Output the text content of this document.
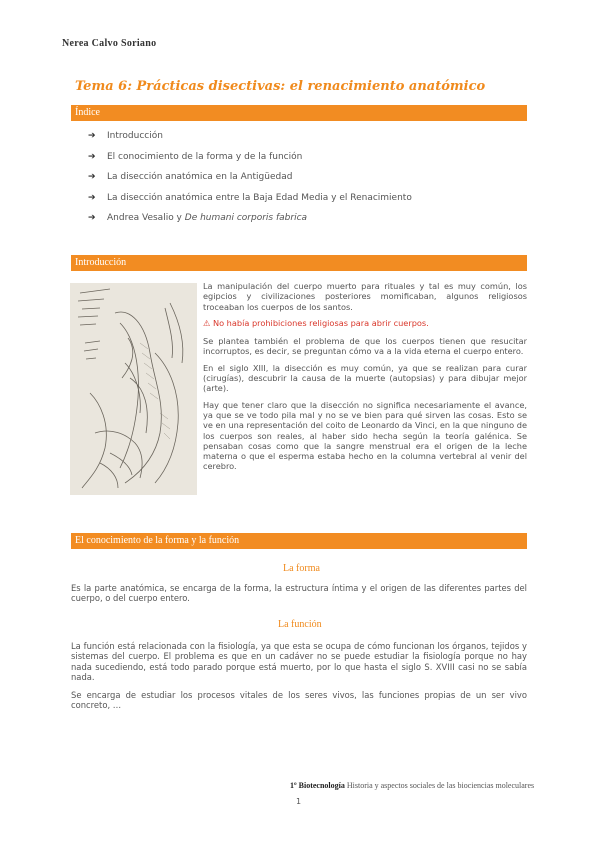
Nerea Calvo Soriano
Tema 6: Prácticas disectivas: el renacimiento anatómico
Índice
➔ Introducción
➔ El conocimiento de la forma y de la función
➔ La disección anatómica en la Antigüedad
➔ La disección anatómica entre la Baja Edad Media y el Renacimiento
➔ Andrea Vesalio y De humani corporis fabrica
Introducción

La manipulación del cuerpo muerto para rituales y tal es muy común, los egipcios y civilizaciones posteriores momificaban, algunos religiosos troceaban los cuerpos de los santos.

⚠ No había prohibiciones religiosas para abrir cuerpos.

Se plantea también el problema de que los cuerpos tienen que resucitar incorruptos, es decir, se preguntan cómo va a la vida eterna el cuerpo entero.

En el siglo XIII, la disección es muy común, ya que se realizan para curar (cirugías), descubrir la causa de la muerte (autopsias) y para dibujar mejor (arte).

Hay que tener claro que la disección no significa necesariamente el avance, ya que se ve todo pila mal y no se ve bien para qué sirven las cosas. Esto se ve en una representación del coito de Leonardo da Vinci, en la que ninguno de los cuerpos son reales, al haber sido hecha según la teoría galénica. Se pensaban cosas como que la sangre menstrual era el origen de la leche materna o que el esperma estaba hecho en la columna vertebral al venir del cerebro.

El conocimiento de la forma y la función
La forma
Es la parte anatómica, se encarga de la forma, la estructura íntima y el origen de las diferentes partes del cuerpo, o del cuerpo entero.
La función
La función está relacionada con la fisiología, ya que esta se ocupa de cómo funcionan los órganos, tejidos y sistemas del cuerpo. El problema es que en un cadáver no se puede estudiar la fisiología porque no hay nada sucediendo, está todo parado porque está muerto, por lo que hasta el siglo S. XVIII casi no se sabía nada.
Se encarga de estudiar los procesos vitales de los seres vivos, las funciones propias de un ser vivo concreto, …
1º Biotecnología Historia y aspectos sociales de las biociencias moleculares
1
